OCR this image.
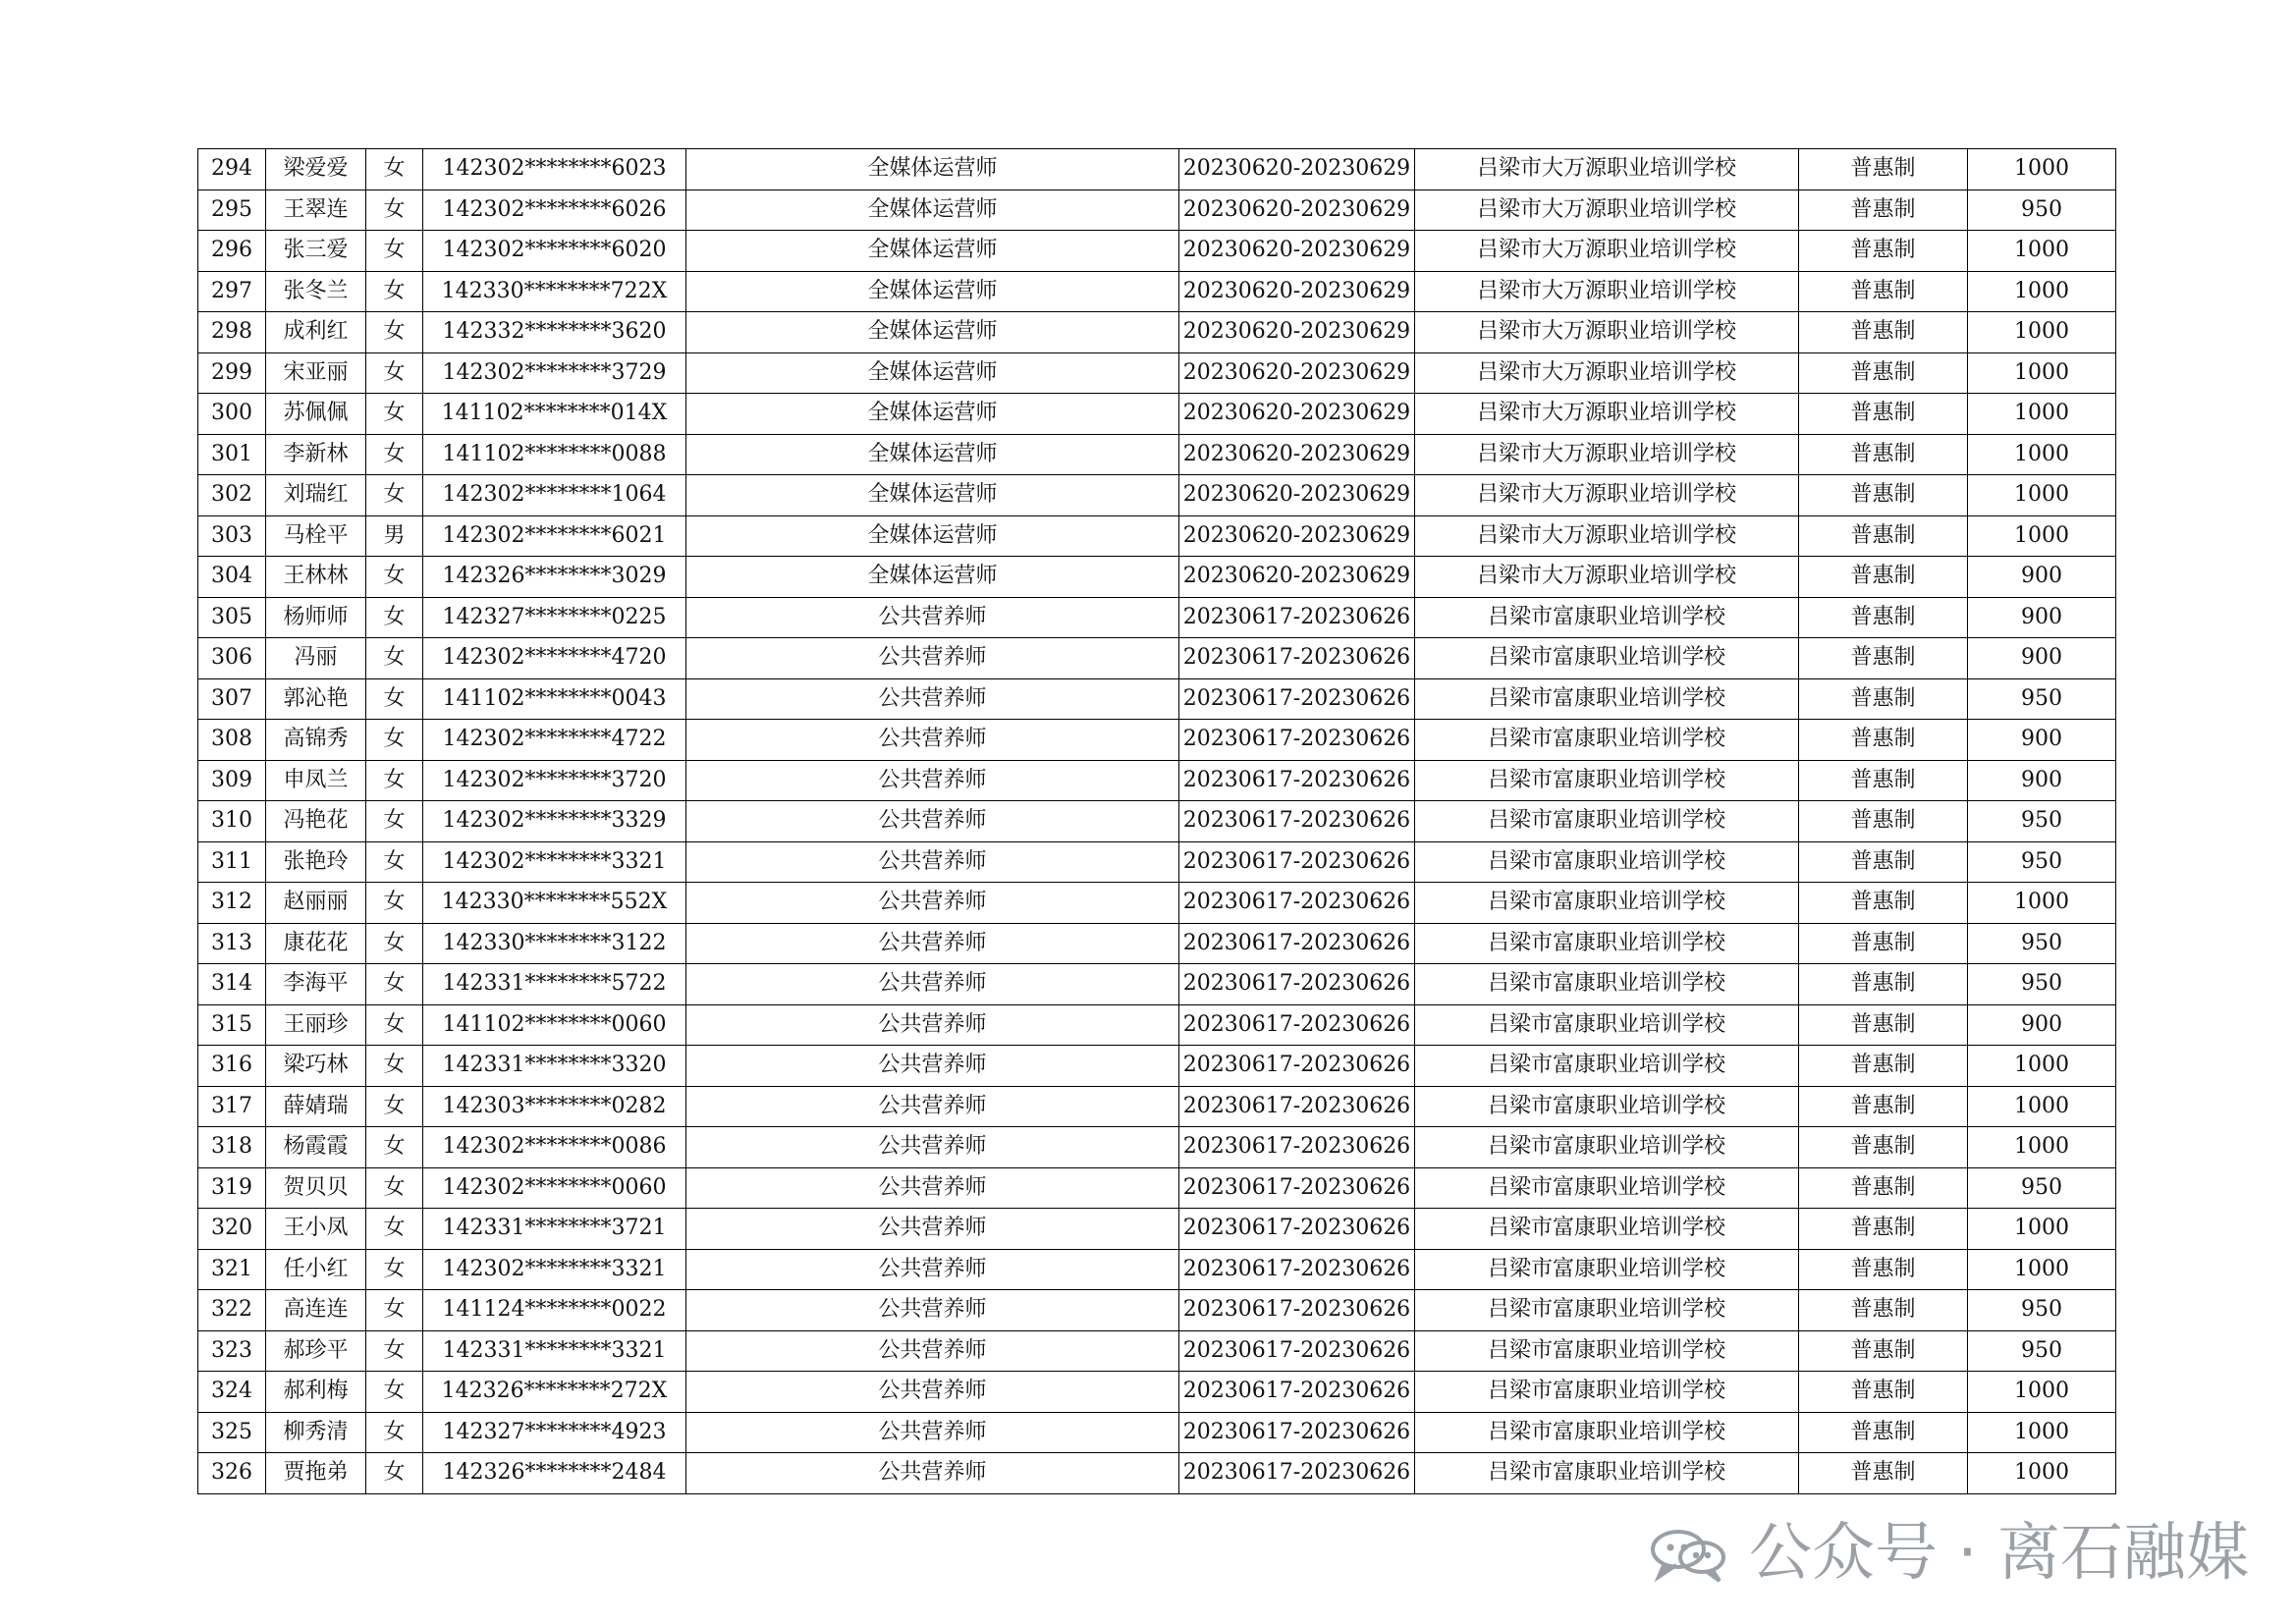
294	梁爱爱	女	142302********6023	全媒体运营师	20230620-20230629	吕梁市大万源职业培训学校	普惠制	1000
295	王翠连	女	142302********6026	全媒体运营师	20230620-20230629	吕梁市大万源职业培训学校	普惠制	950
296	张三爱	女	142302********6020	全媒体运营师	20230620-20230629	吕梁市大万源职业培训学校	普惠制	1000
297	张冬兰	女	142330********722X	全媒体运营师	20230620-20230629	吕梁市大万源职业培训学校	普惠制	1000
298	成利红	女	142332********3620	全媒体运营师	20230620-20230629	吕梁市大万源职业培训学校	普惠制	1000
299	宋亚丽	女	142302********3729	全媒体运营师	20230620-20230629	吕梁市大万源职业培训学校	普惠制	1000
300	苏佩佩	女	141102********014X	全媒体运营师	20230620-20230629	吕梁市大万源职业培训学校	普惠制	1000
301	李新林	女	141102********0088	全媒体运营师	20230620-20230629	吕梁市大万源职业培训学校	普惠制	1000
302	刘瑞红	女	142302********1064	全媒体运营师	20230620-20230629	吕梁市大万源职业培训学校	普惠制	1000
303	马栓平	男	142302********6021	全媒体运营师	20230620-20230629	吕梁市大万源职业培训学校	普惠制	1000
304	王林林	女	142326********3029	全媒体运营师	20230620-20230629	吕梁市大万源职业培训学校	普惠制	900
305	杨师师	女	142327********0225	公共营养师	20230617-20230626	吕梁市富康职业培训学校	普惠制	900
306	冯丽	女	142302********4720	公共营养师	20230617-20230626	吕梁市富康职业培训学校	普惠制	900
307	郭沁艳	女	141102********0043	公共营养师	20230617-20230626	吕梁市富康职业培训学校	普惠制	950
308	高锦秀	女	142302********4722	公共营养师	20230617-20230626	吕梁市富康职业培训学校	普惠制	900
309	申凤兰	女	142302********3720	公共营养师	20230617-20230626	吕梁市富康职业培训学校	普惠制	900
310	冯艳花	女	142302********3329	公共营养师	20230617-20230626	吕梁市富康职业培训学校	普惠制	950
311	张艳玲	女	142302********3321	公共营养师	20230617-20230626	吕梁市富康职业培训学校	普惠制	950
312	赵丽丽	女	142330********552X	公共营养师	20230617-20230626	吕梁市富康职业培训学校	普惠制	1000
313	康花花	女	142330********3122	公共营养师	20230617-20230626	吕梁市富康职业培训学校	普惠制	950
314	李海平	女	142331********5722	公共营养师	20230617-20230626	吕梁市富康职业培训学校	普惠制	950
315	王丽珍	女	141102********0060	公共营养师	20230617-20230626	吕梁市富康职业培训学校	普惠制	900
316	梁巧林	女	142331********3320	公共营养师	20230617-20230626	吕梁市富康职业培训学校	普惠制	1000
317	薛婧瑞	女	142303********0282	公共营养师	20230617-20230626	吕梁市富康职业培训学校	普惠制	1000
318	杨霞霞	女	142302********0086	公共营养师	20230617-20230626	吕梁市富康职业培训学校	普惠制	1000
319	贺贝贝	女	142302********0060	公共营养师	20230617-20230626	吕梁市富康职业培训学校	普惠制	950
320	王小凤	女	142331********3721	公共营养师	20230617-20230626	吕梁市富康职业培训学校	普惠制	1000
321	任小红	女	142302********3321	公共营养师	20230617-20230626	吕梁市富康职业培训学校	普惠制	1000
322	高连连	女	141124********0022	公共营养师	20230617-20230626	吕梁市富康职业培训学校	普惠制	950
323	郝珍平	女	142331********3321	公共营养师	20230617-20230626	吕梁市富康职业培训学校	普惠制	950
324	郝利梅	女	142326********272X	公共营养师	20230617-20230626	吕梁市富康职业培训学校	普惠制	1000
325	柳秀清	女	142327********4923	公共营养师	20230617-20230626	吕梁市富康职业培训学校	普惠制	1000
326	贾拖弟	女	142326********2484	公共营养师	20230617-20230626	吕梁市富康职业培训学校	普惠制	1000
公众号 · 离石融媒
